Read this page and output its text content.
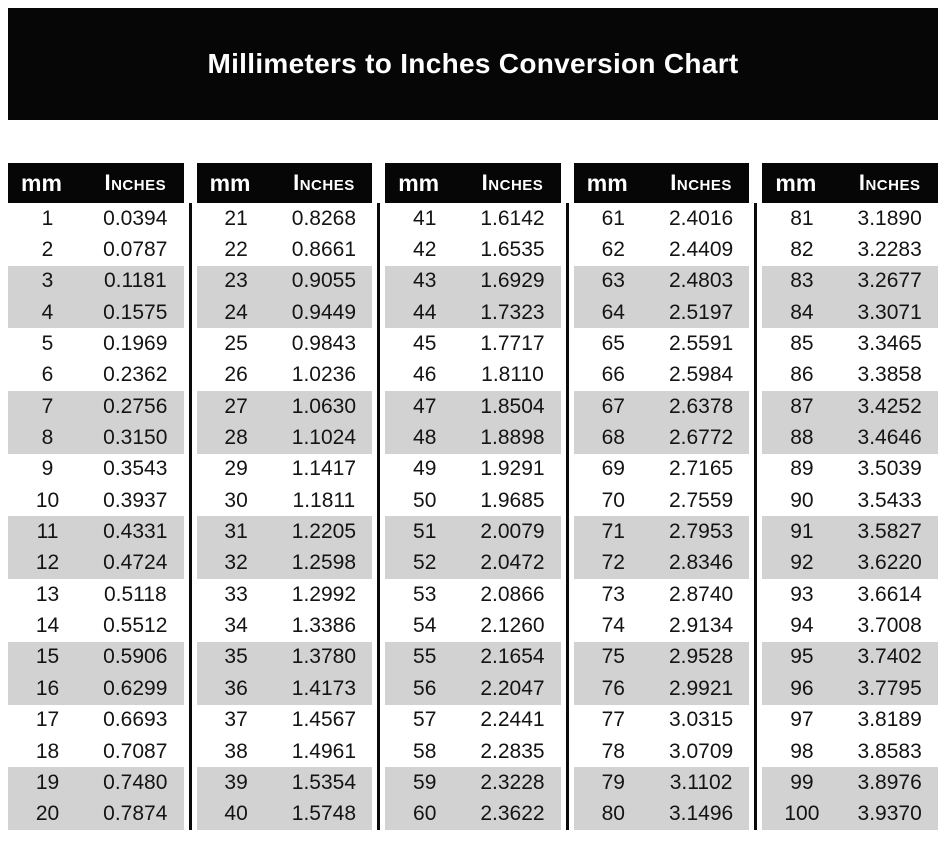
Millimeters to Inches Conversion Chart
mm	Inches
1	0.0394
2	0.0787
3	0.1181
4	0.1575
5	0.1969
6	0.2362
7	0.2756
8	0.3150
9	0.3543
10	0.3937
11	0.4331
12	0.4724
13	0.5118
14	0.5512
15	0.5906
16	0.6299
17	0.6693
18	0.7087
19	0.7480
20	0.7874
mm	Inches
21	0.8268
22	0.8661
23	0.9055
24	0.9449
25	0.9843
26	1.0236
27	1.0630
28	1.1024
29	1.1417
30	1.1811
31	1.2205
32	1.2598
33	1.2992
34	1.3386
35	1.3780
36	1.4173
37	1.4567
38	1.4961
39	1.5354
40	1.5748
mm	Inches
41	1.6142
42	1.6535
43	1.6929
44	1.7323
45	1.7717
46	1.8110
47	1.8504
48	1.8898
49	1.9291
50	1.9685
51	2.0079
52	2.0472
53	2.0866
54	2.1260
55	2.1654
56	2.2047
57	2.2441
58	2.2835
59	2.3228
60	2.3622
mm	Inches
61	2.4016
62	2.4409
63	2.4803
64	2.5197
65	2.5591
66	2.5984
67	2.6378
68	2.6772
69	2.7165
70	2.7559
71	2.7953
72	2.8346
73	2.8740
74	2.9134
75	2.9528
76	2.9921
77	3.0315
78	3.0709
79	3.1102
80	3.1496
mm	Inches
81	3.1890
82	3.2283
83	3.2677
84	3.3071
85	3.3465
86	3.3858
87	3.4252
88	3.4646
89	3.5039
90	3.5433
91	3.5827
92	3.6220
93	3.6614
94	3.7008
95	3.7402
96	3.7795
97	3.8189
98	3.8583
99	3.8976
100	3.9370
